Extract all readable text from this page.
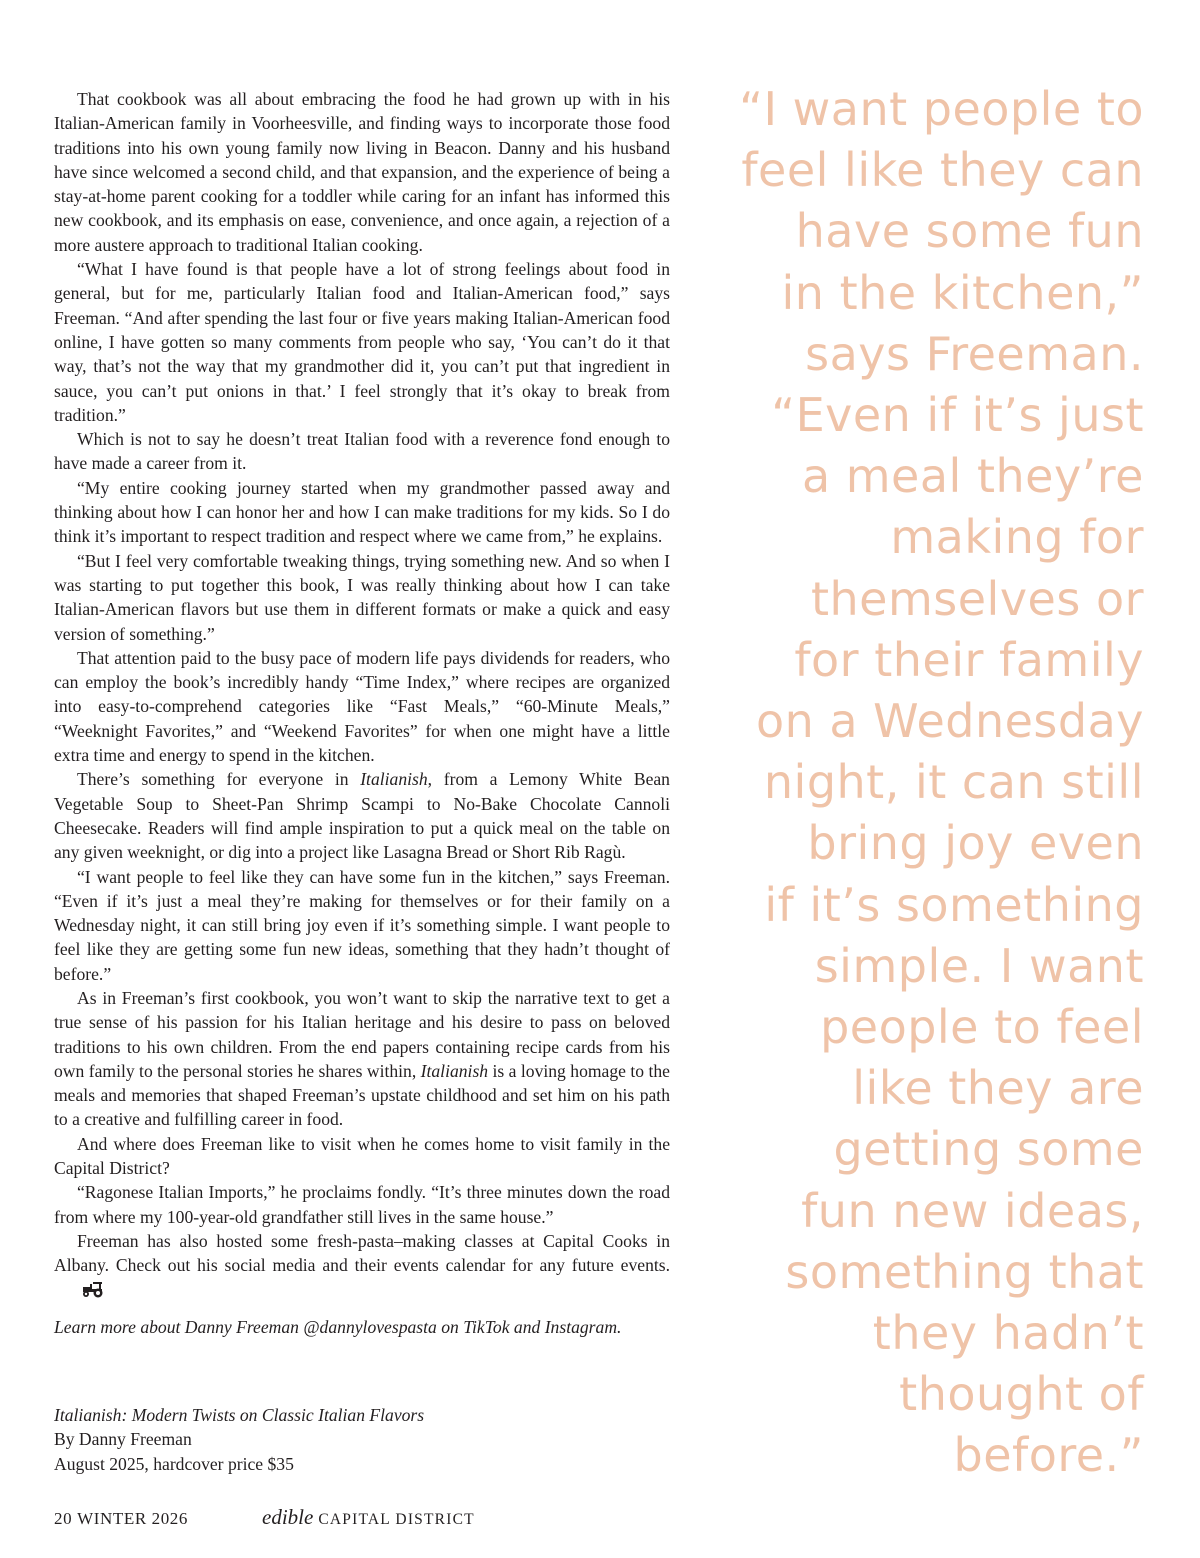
That cookbook was all about embracing the food he had grown up with in his Italian-American family in Voorheesville, and finding ways to incorporate those food traditions into his own young family now living in Beacon. Danny and his husband have since welcomed a second child, and that expansion, and the experience of being a stay-at-home parent cooking for a toddler while caring for an infant has informed this new cookbook, and its emphasis on ease, convenience, and once again, a rejection of a more austere approach to traditional Italian cooking.

“What I have found is that people have a lot of strong feelings about food in general, but for me, particularly Italian food and Italian-American food,” says Freeman. “And after spending the last four or five years making Italian-American food online, I have gotten so many comments from people who say, ‘You can’t do it that way, that’s not the way that my grandmother did it, you can’t put that ingredient in sauce, you can’t put onions in that.’ I feel strongly that it’s okay to break from tradition.”

Which is not to say he doesn’t treat Italian food with a reverence fond enough to have made a career from it.

“My entire cooking journey started when my grandmother passed away and thinking about how I can honor her and how I can make traditions for my kids. So I do think it’s important to respect tradition and respect where we came from,” he explains.

“But I feel very comfortable tweaking things, trying something new. And so when I was starting to put together this book, I was really thinking about how I can take Italian-American flavors but use them in different formats or make a quick and easy version of something.”

That attention paid to the busy pace of modern life pays dividends for readers, who can employ the book’s incredibly handy “Time Index,” where recipes are organized into easy-to-comprehend categories like “Fast Meals,” “60-Minute Meals,” “Weeknight Favorites,” and “Weekend Favorites” for when one might have a little extra time and energy to spend in the kitchen.

There’s something for everyone in Italianish, from a Lemony White Bean Vegetable Soup to Sheet-Pan Shrimp Scampi to No-Bake Chocolate Cannoli Cheesecake. Readers will find ample inspiration to put a quick meal on the table on any given weeknight, or dig into a project like Lasagna Bread or Short Rib Ragù.

“I want people to feel like they can have some fun in the kitchen,” says Freeman. “Even if it’s just a meal they’re making for themselves or for their family on a Wednesday night, it can still bring joy even if it’s something simple. I want people to feel like they are getting some fun new ideas, something that they hadn’t thought of before.”

As in Freeman’s first cookbook, you won’t want to skip the narrative text to get a true sense of his passion for his Italian heritage and his desire to pass on beloved traditions to his own children. From the end papers containing recipe cards from his own family to the personal stories he shares within, Italianish is a loving homage to the meals and memories that shaped Freeman’s upstate childhood and set him on his path to a creative and fulfilling career in food.

And where does Freeman like to visit when he comes home to visit family in the Capital District?

“Ragonese Italian Imports,” he proclaims fondly. “It’s three minutes down the road from where my 100-year-old grandfather still lives in the same house.”

Freeman has also hosted some fresh-pasta–making classes at Capital Cooks in Albany. Check out his social media and their events calendar for any future events.

Learn more about Danny Freeman @dannylovespasta on TikTok and Instagram.

Italianish: Modern Twists on Classic Italian Flavors
By Danny Freeman
August 2025, hardcover price $35
“I want people to
feel like they can
have some fun
in the kitchen,”
says Freeman.
“Even if it’s just
a meal they’re
making for
themselves or
for their family
on a Wednesday
night, it can still
bring joy even
if it’s something
simple. I want
people to feel
like they are
getting some
fun new ideas,
something that
they hadn’t
thought of
before.”
20
WINTER 2026	edible CAPITAL DISTRICT
